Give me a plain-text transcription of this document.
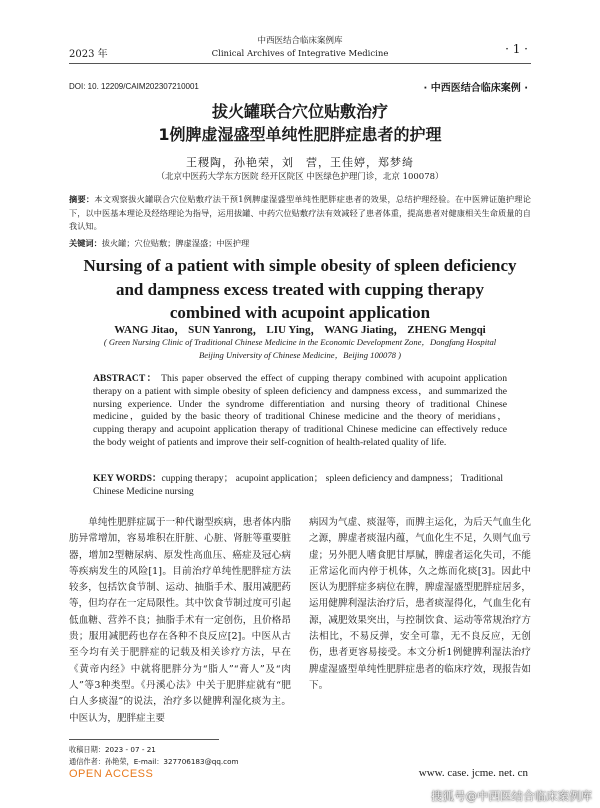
2023 年
中西医结合临床案例库
Clinical Archives of Integrative Medicine	· 1 ·
DOI: 10. 12209/CAIM202307210001	· 中西医结合临床案例 ·
拔火罐联合穴位贴敷治疗
1例脾虚湿盛型单纯性肥胖症患者的护理
王稷陶，孙艳荣，刘　营，王佳婷，郑梦绮
（北京中医药大学东方医院 经开区院区 中医绿色护理门诊，北京 100078）
摘要：本文观察拔火罐联合穴位贴敷疗法干预1例脾虚湿盛型单纯性肥胖症患者的效果，总结护理经验。在中医辨证施护理论下，以中医基本理论及经络理论为指导，运用拔罐、中药穴位贴敷疗法有效减轻了患者体重，提高患者对健康相关生命质量的自我认知。
关键词：拔火罐；穴位贴敷；脾虚湿盛；中医护理
Nursing of a patient with simple obesity of spleen deficiency
and dampness excess treated with cupping therapy
combined with acupoint application
WANG Jitao， SUN Yanrong， LIU Ying， WANG Jiating， ZHENG Mengqi
( Green Nursing Clinic of Traditional Chinese Medicine in the Economic Development Zone，Dongfang Hospital
Beijing University of Chinese Medicine，Beijing 100078 )
ABSTRACT： This paper observed the effect of cupping therapy combined with acupoint application therapy on a patient with simple obesity of spleen deficiency and dampness excess，and summarized the nursing experience. Under the syndrome differentiation and nursing theory of traditional Chinese medicine，guided by the basic theory of traditional Chinese medicine and the theory of meridians，cupping therapy and acupoint application therapy of traditional Chinese medicine can effectively reduce the body weight of patients and improve their self-cognition of health-related quality of life.
KEY WORDS：cupping therapy； acupoint application； spleen deficiency and dampness； Traditional Chinese Medicine nursing
单纯性肥胖症属于一种代谢型疾病，患者体内脂肪异常增加，容易堆积在肝脏、心脏、肾脏等重要脏器，增加2型糖尿病、原发性高血压、癌症及冠心病等疾病发生的风险[1]。目前治疗单纯性肥胖症方法较多，包括饮食节制、运动、抽脂手术、服用减肥药等，但均存在一定局限性。其中饮食节制过度可引起低血糖、营养不良；抽脂手术有一定创伤，且价格昂贵；服用减肥药也存在各种不良反应[2]。中医从古至今均有关于肥胖症的记载及相关诊疗方法，早在《黄帝内经》中就将肥胖分为“脂人”“膏人”及“肉人”等3种类型。《丹溪心法》中关于肥胖症就有“肥白人多痰湿”的说法，治疗多以健脾利湿化痰为主。中医认为，肥胖症主要
病因为气虚、痰湿等，而脾主运化，为后天气血生化之源，脾虚者痰湿内蕴，气血化生不足，久则气血亏虚；另外肥人嗜食肥甘厚腻，脾虚者运化失司，不能正常运化而内停于机体，久之炼而化痰[3]。因此中医认为肥胖症多病位在脾，脾虚湿盛型肥胖症居多，运用健脾利湿法治疗后，患者痰湿得化，气血生化有源，减肥效果突出，与控制饮食、运动等常规治疗方法相比，不易反弹，安全可靠，无不良反应，无创伤，患者更容易接受。本文分析1例健脾利湿法治疗脾虚湿盛型单纯性肥胖症患者的临床疗效，现报告如下。
收稿日期：2023 - 07 - 21
通信作者：孙艳荣，E-mail：327706183@qq.com
OPEN ACCESS	www. case. jcme. net. cn
搜狐号@中西医结合临床案例库
